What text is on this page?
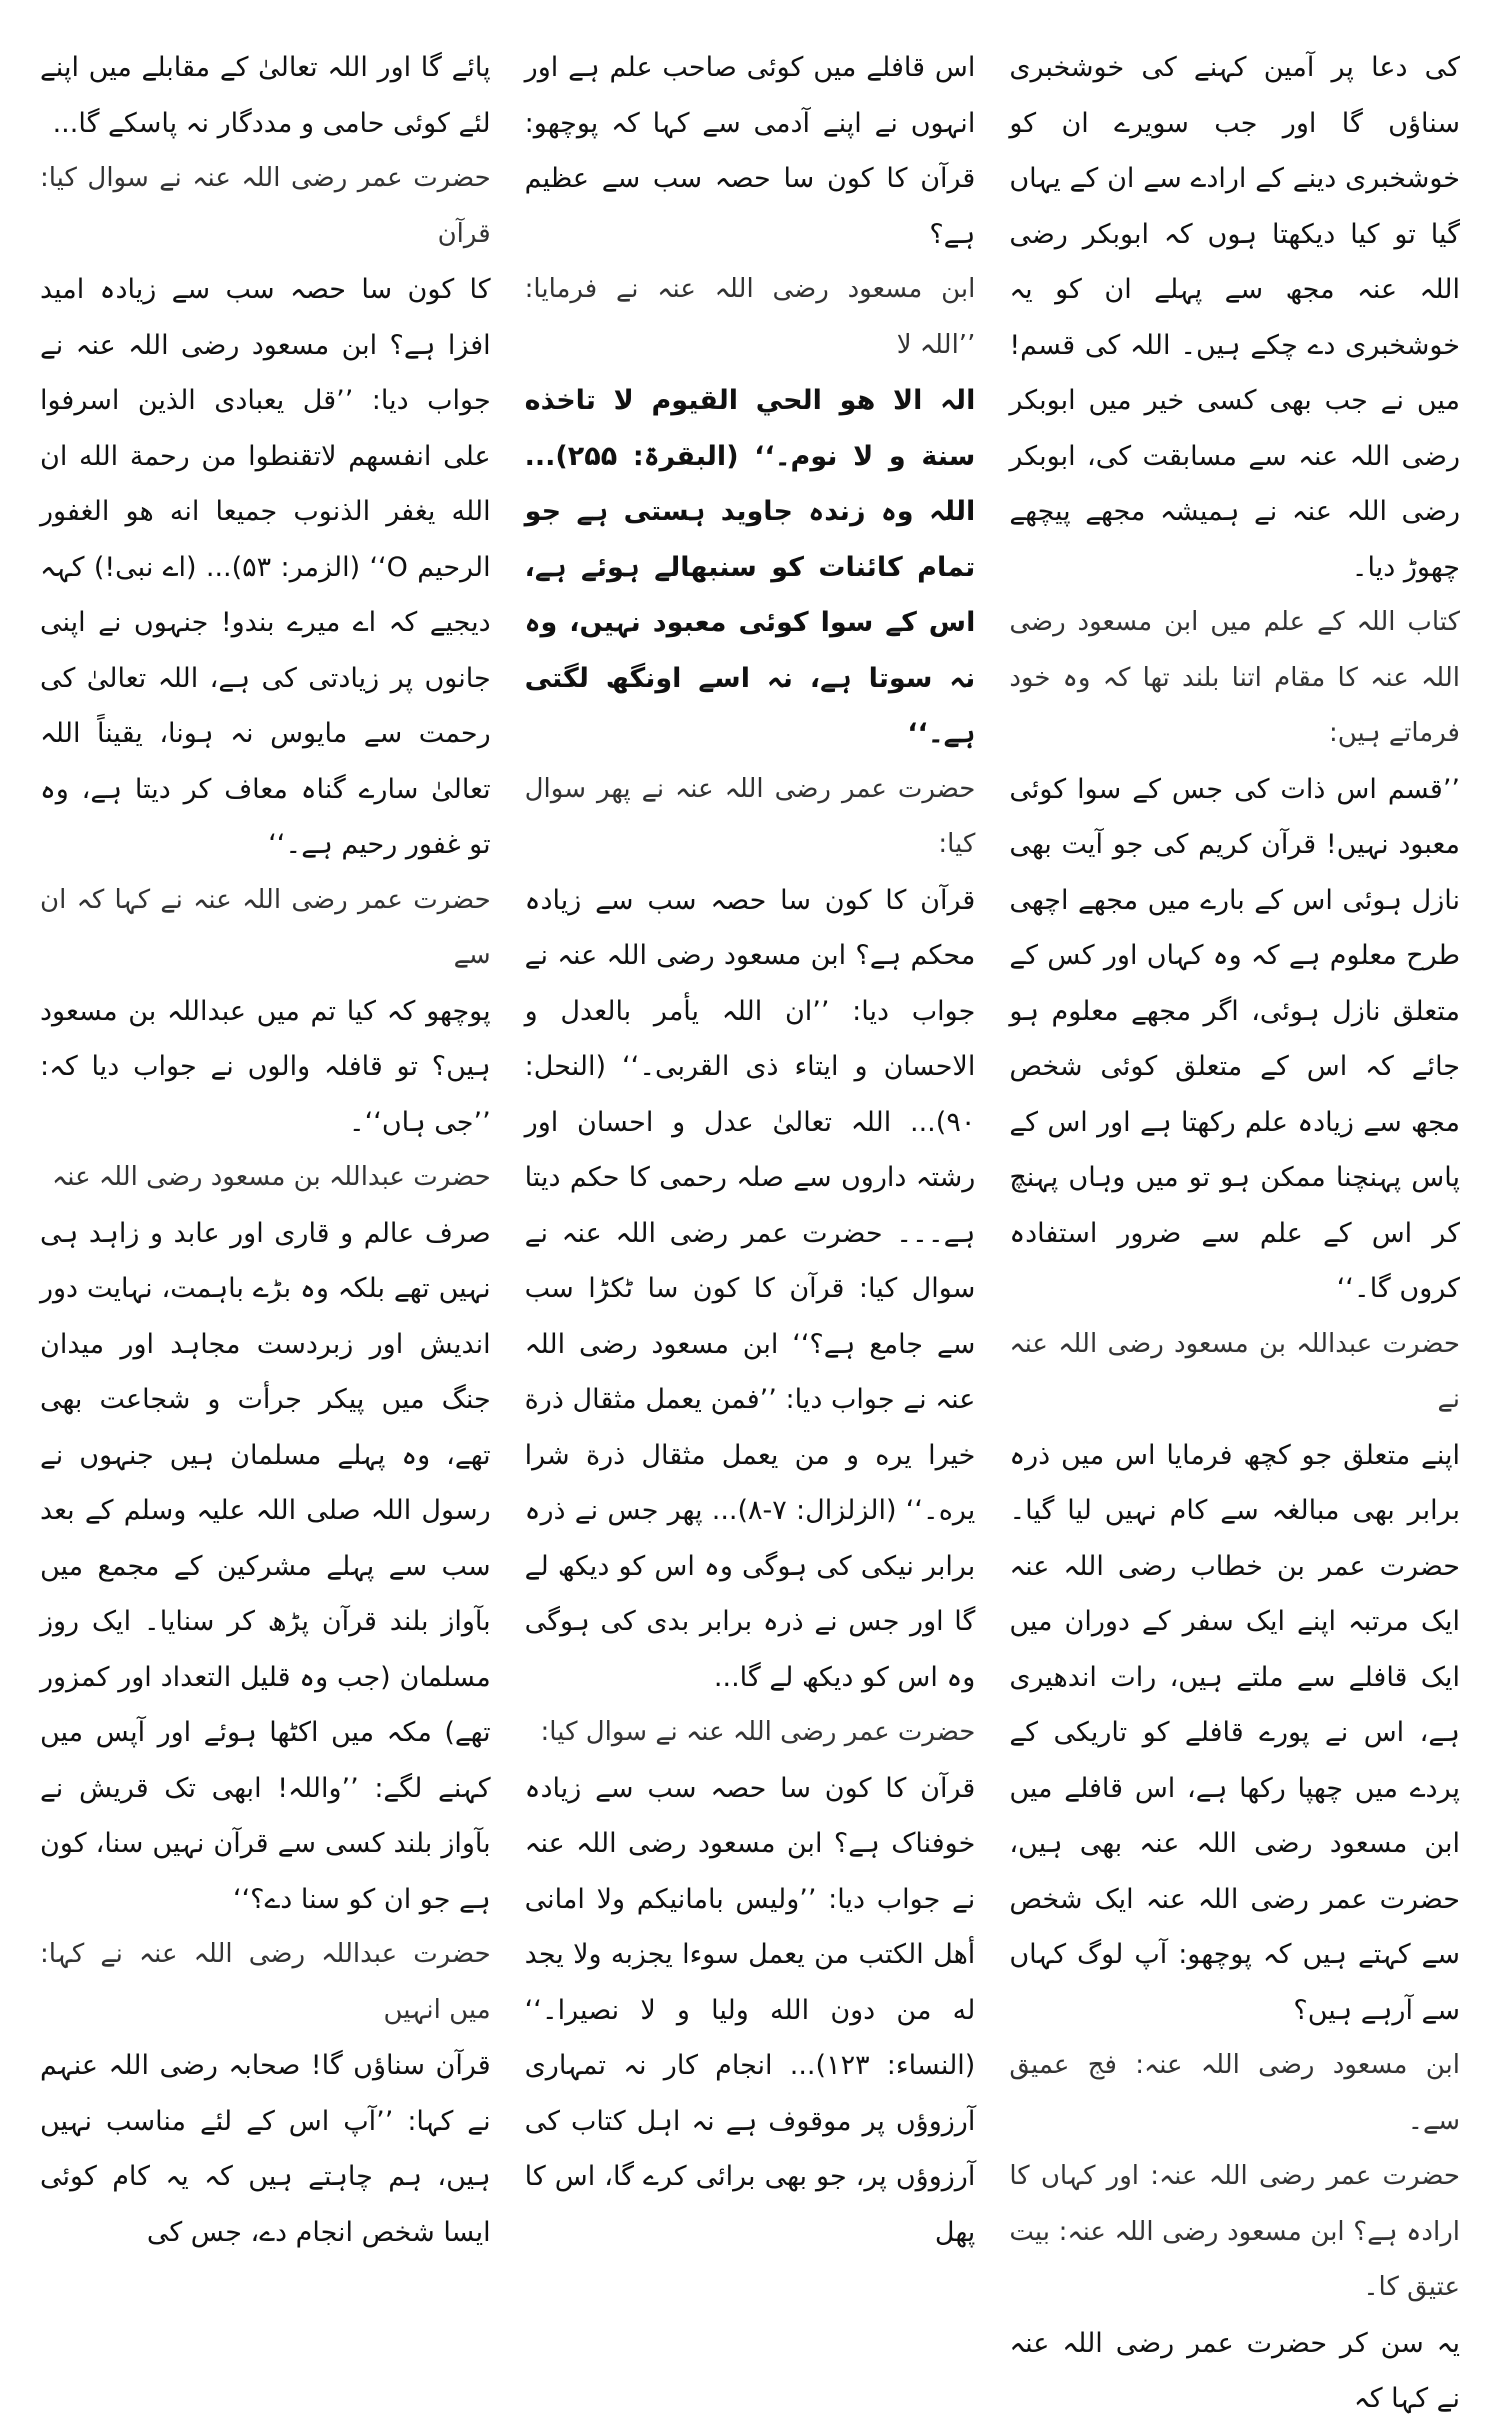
کی دعا پر آمین کہنے کی خوشخبری سناؤں گا اور جب سویرے ان کو خوشخبری دینے کے ارادے سے ان کے یہاں گیا تو کیا دیکھتا ہوں کہ ابوبکر رضی اللہ عنہ مجھ سے پہلے ان کو یہ خوشخبری دے چکے ہیں۔ اللہ کی قسم! میں نے جب بھی کسی خیر میں ابوبکر رضی اللہ عنہ سے مسابقت کی، ابوبکر رضی اللہ عنہ نے ہمیشہ مجھے پیچھے چھوڑ دیا۔

کتاب اللہ کے علم میں ابن مسعود رضی اللہ عنہ کا مقام اتنا بلند تھا کہ وہ خود فرماتے ہیں:

’’قسم اس ذات کی جس کے سوا کوئی معبود نہیں! قرآن کریم کی جو آیت بھی نازل ہوئی اس کے بارے میں مجھے اچھی طرح معلوم ہے کہ وہ کہاں اور کس کے متعلق نازل ہوئی، اگر مجھے معلوم ہو جائے کہ اس کے متعلق کوئی شخص مجھ سے زیادہ علم رکھتا ہے اور اس کے پاس پہنچنا ممکن ہو تو میں وہاں پہنچ کر اس کے علم سے ضرور استفادہ کروں گا۔‘‘

حضرت عبداللہ بن مسعود رضی اللہ عنہ نے

اپنے متعلق جو کچھ فرمایا اس میں ذرہ برابر بھی مبالغہ سے کام نہیں لیا گیا۔ حضرت عمر بن خطاب رضی اللہ عنہ ایک مرتبہ اپنے ایک سفر کے دوران میں ایک قافلے سے ملتے ہیں، رات اندھیری ہے، اس نے پورے قافلے کو تاریکی کے پردے میں چھپا رکھا ہے، اس قافلے میں ابن مسعود رضی اللہ عنہ بھی ہیں، حضرت عمر رضی اللہ عنہ ایک شخص سے کہتے ہیں کہ پوچھو: آپ لوگ کہاں سے آرہے ہیں؟

ابن مسعود رضی اللہ عنہ: فج عمیق سے۔

حضرت عمر رضی اللہ عنہ: اور کہاں کا ارادہ ہے؟ ابن مسعود رضی اللہ عنہ: بیت عتیق کا۔

یہ سن کر حضرت عمر رضی اللہ عنہ نے کہا کہ

اس قافلے میں کوئی صاحب علم ہے اور انہوں نے اپنے آدمی سے کہا کہ پوچھو: قرآن کا کون سا حصہ سب سے عظیم ہے؟

ابن مسعود رضی اللہ عنہ نے فرمایا: ’’اللہ لا

الہ الا ھو الحي القيوم لا تاخذه سنة و لا نوم۔‘‘ (البقرۃ: ۲۵۵)... اللہ وہ زندہ جاوید ہستی ہے جو تمام کائنات کو سنبھالے ہوئے ہے، اس کے سوا کوئی معبود نہیں، وہ نہ سوتا ہے، نہ اسے اونگھ لگتی ہے۔‘‘

حضرت عمر رضی اللہ عنہ نے پھر سوال کیا:

قرآن کا کون سا حصہ سب سے زیادہ محکم ہے؟ ابن مسعود رضی اللہ عنہ نے جواب دیا: ’’ان اللہ یأمر بالعدل و الاحسان و ایتاء ذی القربی۔‘‘ (النحل: ۹۰)... اللہ تعالیٰ عدل و احسان اور رشتہ داروں سے صلہ رحمی کا حکم دیتا ہے۔۔۔ حضرت عمر رضی اللہ عنہ نے سوال کیا: قرآن کا کون سا ٹکڑا سب سے جامع ہے؟‘‘ ابن مسعود رضی اللہ عنہ نے جواب دیا: ’’فمن یعمل مثقال ذرة خیرا یره و من یعمل مثقال ذرة شرا یره۔‘‘ (الزلزال: ۷-۸)... پھر جس نے ذرہ برابر نیکی کی ہوگی وہ اس کو دیکھ لے گا اور جس نے ذرہ برابر بدی کی ہوگی وہ اس کو دیکھ لے گا...

حضرت عمر رضی اللہ عنہ نے سوال کیا:

قرآن کا کون سا حصہ سب سے زیادہ خوفناک ہے؟ ابن مسعود رضی اللہ عنہ نے جواب دیا: ’’ولیس بامانیکم ولا امانی أھل الکتب من یعمل سوءا یجزبه ولا یجد له من دون الله ولیا و لا نصیرا۔‘‘ (النساء: ۱۲۳)... انجام کار نہ تمہاری آرزوؤں پر موقوف ہے نہ اہل کتاب کی آرزوؤں پر، جو بھی برائی کرے گا، اس کا پھل

پائے گا اور اللہ تعالیٰ کے مقابلے میں اپنے لئے کوئی حامی و مددگار نہ پاسکے گا...

حضرت عمر رضی اللہ عنہ نے سوال کیا: قرآن

کا کون سا حصہ سب سے زیادہ امید افزا ہے؟ ابن مسعود رضی اللہ عنہ نے جواب دیا: ’’قل یعبادی الذین اسرفوا علی انفسھم لاتقنطوا من رحمة الله ان الله یغفر الذنوب جمیعا انه ھو الغفور الرحیم O‘‘ (الزمر: ۵۳)... (اے نبی!) کہہ دیجیے کہ اے میرے بندو! جنہوں نے اپنی جانوں پر زیادتی کی ہے، اللہ تعالیٰ کی رحمت سے مایوس نہ ہونا، یقیناً اللہ تعالیٰ سارے گناہ معاف کر دیتا ہے، وہ تو غفور رحیم ہے۔‘‘

حضرت عمر رضی اللہ عنہ نے کہا کہ ان سے

پوچھو کہ کیا تم میں عبداللہ بن مسعود ہیں؟ تو قافلہ والوں نے جواب دیا کہ: ’’جی ہاں‘‘۔

حضرت عبداللہ بن مسعود رضی اللہ عنہ

صرف عالم و قاری اور عابد و زاہد ہی نہیں تھے بلکہ وہ بڑے باہمت، نہایت دور اندیش اور زبردست مجاہد اور میدان جنگ میں پیکر جرأت و شجاعت بھی تھے، وہ پہلے مسلمان ہیں جنہوں نے رسول اللہ صلی اللہ علیہ وسلم کے بعد سب سے پہلے مشرکین کے مجمع میں بآواز بلند قرآن پڑھ کر سنایا۔ ایک روز مسلمان (جب وہ قلیل التعداد اور کمزور تھے) مکہ میں اکٹھا ہوئے اور آپس میں کہنے لگے: ’’واللہ! ابھی تک قریش نے بآواز بلند کسی سے قرآن نہیں سنا، کون ہے جو ان کو سنا دے؟‘‘

حضرت عبداللہ رضی اللہ عنہ نے کہا: میں انہیں

قرآن سناؤں گا! صحابہ رضی اللہ عنہم نے کہا: ’’آپ اس کے لئے مناسب نہیں ہیں، ہم چاہتے ہیں کہ یہ کام کوئی ایسا شخص انجام دے، جس کی
